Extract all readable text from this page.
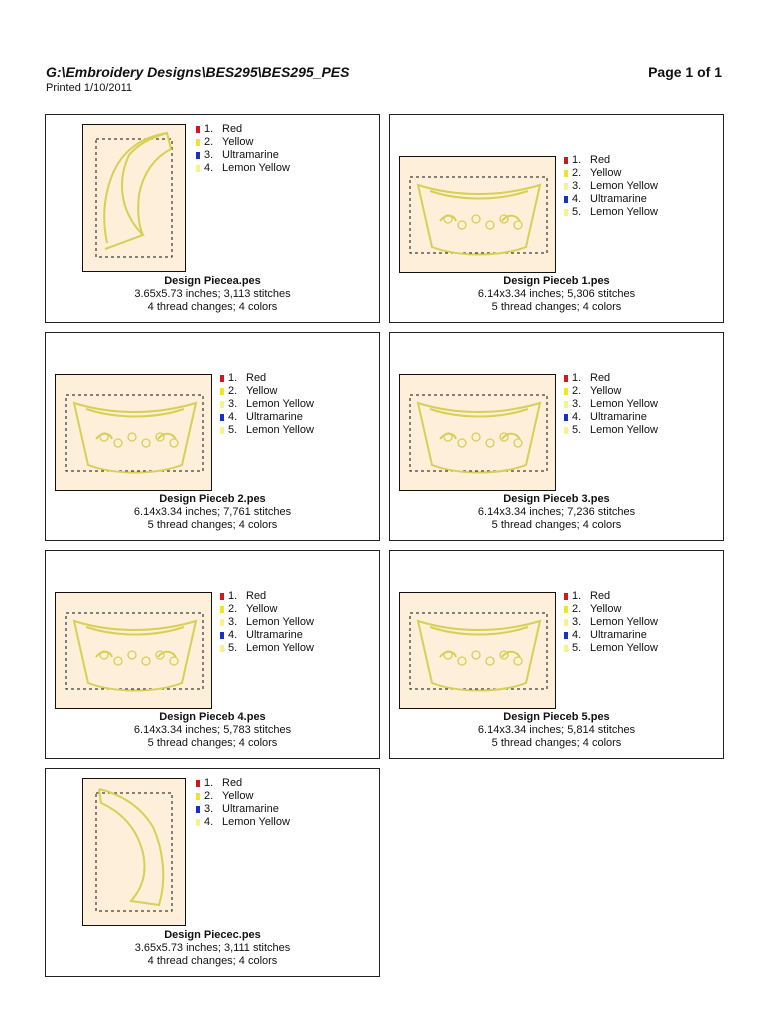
G:\Embroidery Designs\BES295\BES295_PES
Printed 1/10/2011
Page 1 of 1
1. Red
2. Yellow
3. Ultramarine
4. Lemon Yellow
Design Piecea.pes
3.65x5.73 inches; 3,113 stitches
4 thread changes; 4 colors
1. Red
2. Yellow
3. Lemon Yellow
4. Ultramarine
5. Lemon Yellow
Design Pieceb 1.pes
6.14x3.34 inches; 5,306 stitches
5 thread changes; 4 colors
1. Red
2. Yellow
3. Lemon Yellow
4. Ultramarine
5. Lemon Yellow
Design Pieceb 2.pes
6.14x3.34 inches; 7,761 stitches
5 thread changes; 4 colors
1. Red
2. Yellow
3. Lemon Yellow
4. Ultramarine
5. Lemon Yellow
Design Pieceb 3.pes
6.14x3.34 inches; 7,236 stitches
5 thread changes; 4 colors
1. Red
2. Yellow
3. Lemon Yellow
4. Ultramarine
5. Lemon Yellow
Design Pieceb 4.pes
6.14x3.34 inches; 5,783 stitches
5 thread changes; 4 colors
1. Red
2. Yellow
3. Lemon Yellow
4. Ultramarine
5. Lemon Yellow
Design Pieceb 5.pes
6.14x3.34 inches; 5,814 stitches
5 thread changes; 4 colors
1. Red
2. Yellow
3. Ultramarine
4. Lemon Yellow
Design Piecec.pes
3.65x5.73 inches; 3,111 stitches
4 thread changes; 4 colors
